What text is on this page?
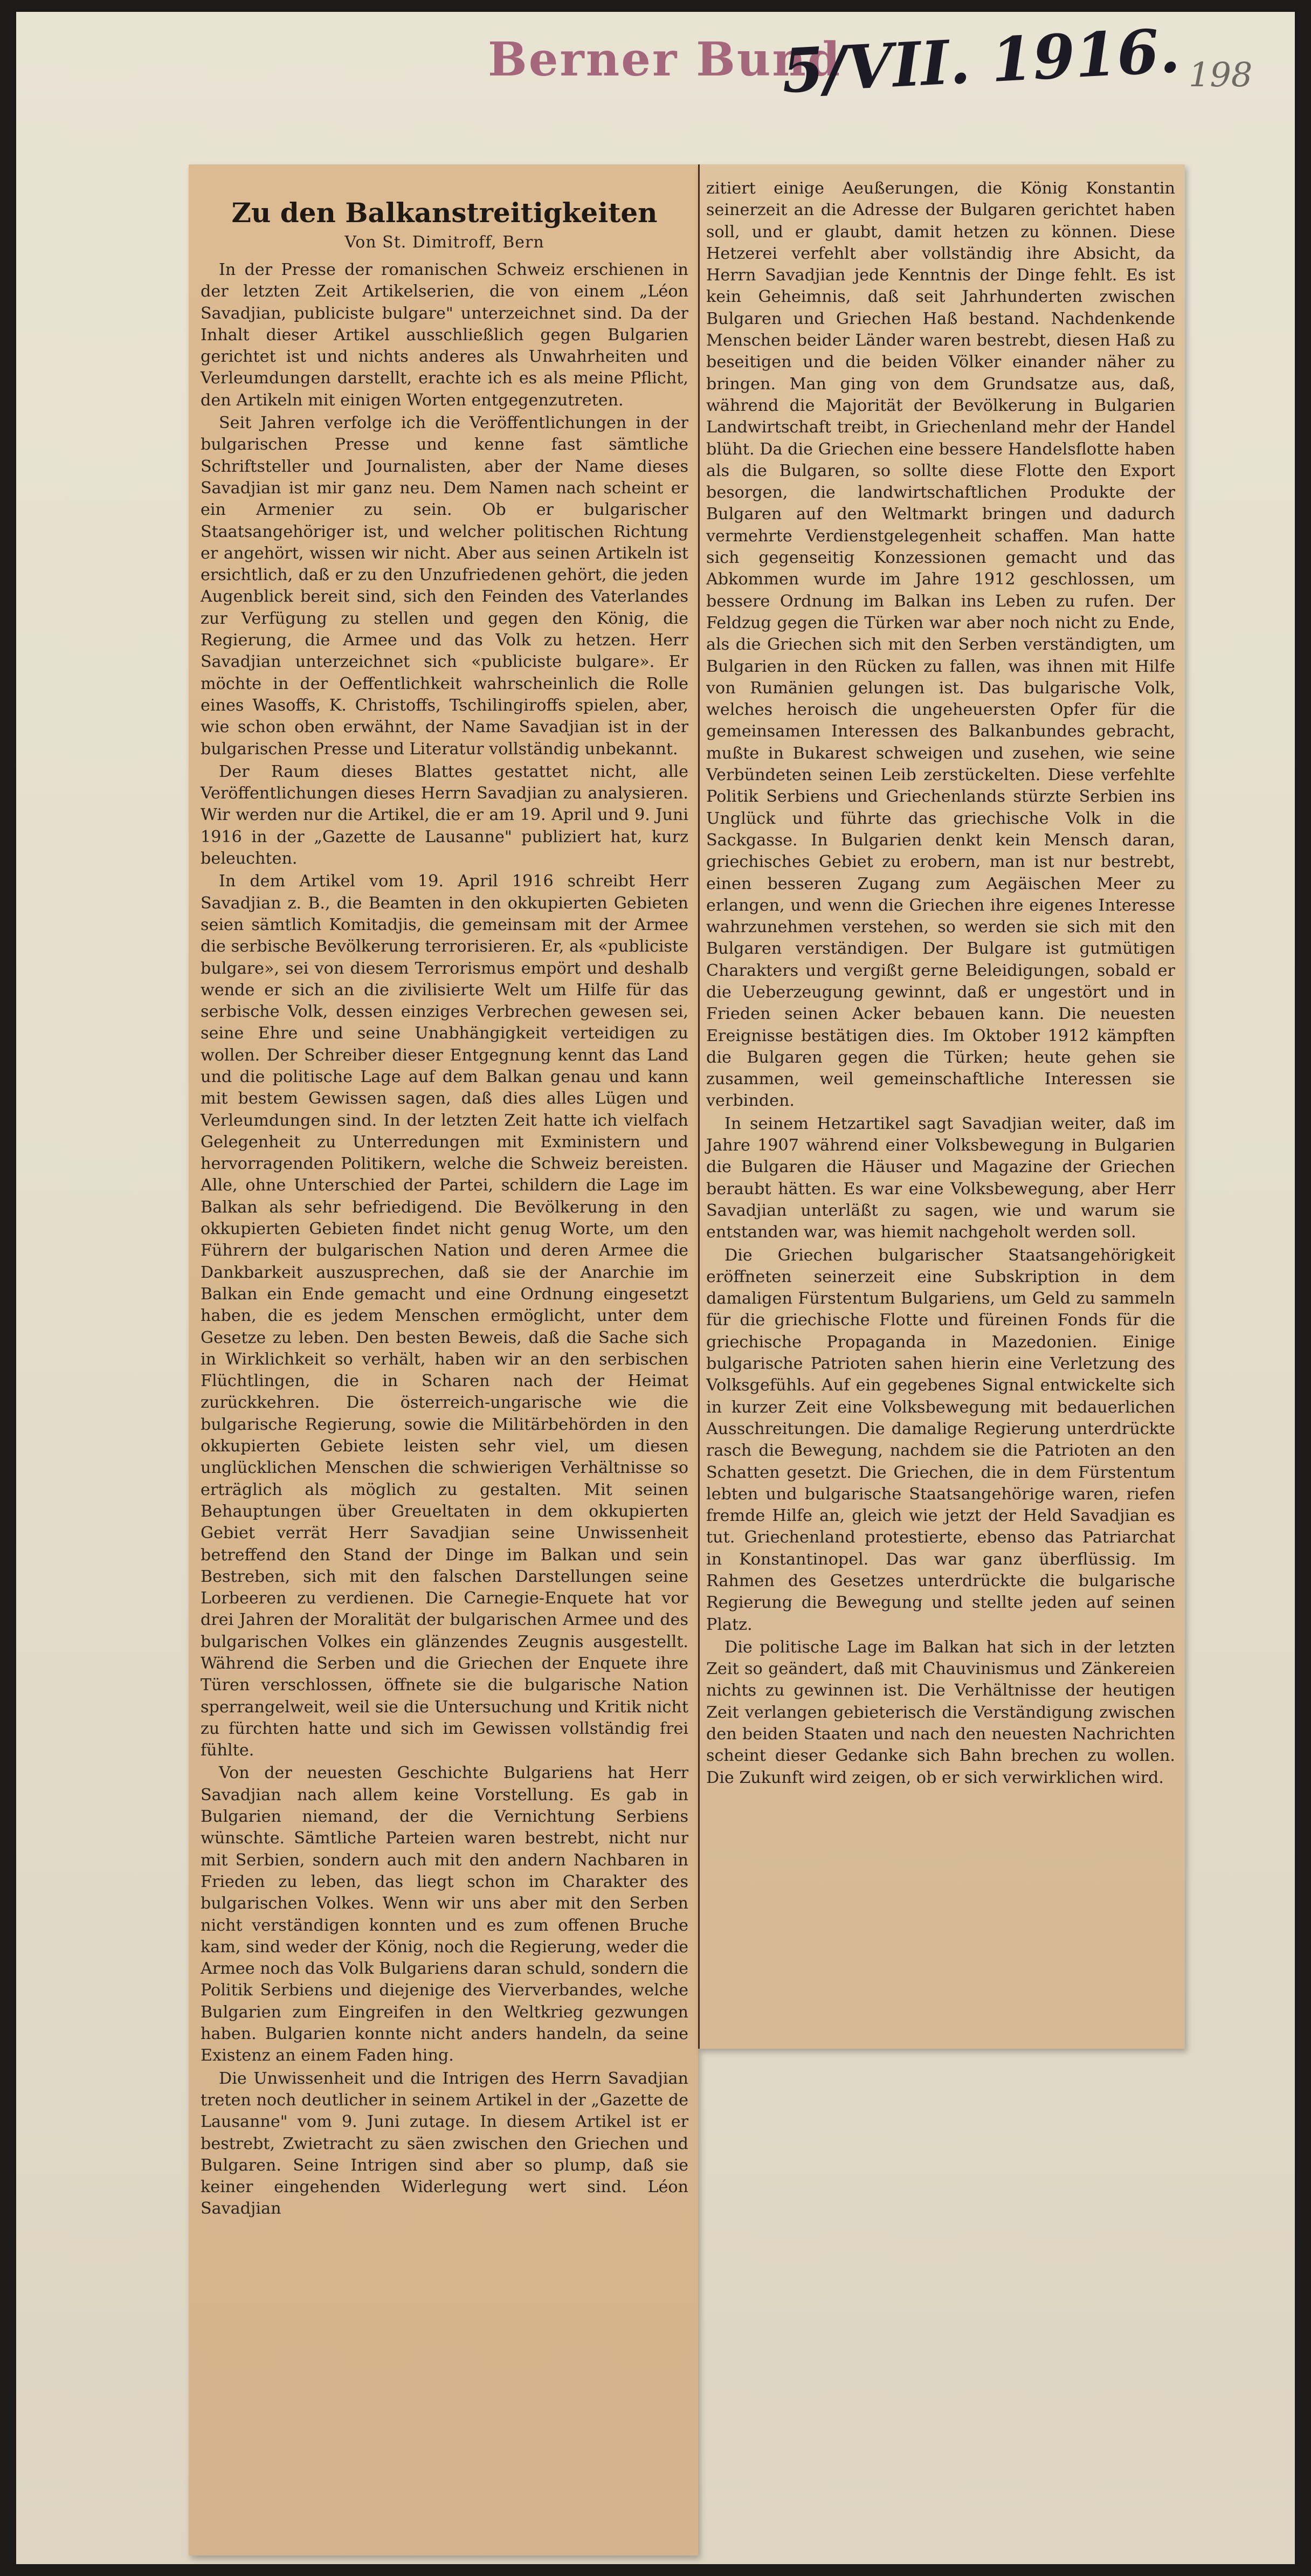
Berner Bund
5/VII. 1916. 198
Zu den Balkanstreitigkeiten
Von St. Dimitroff, Bern

In der Presse der romanischen Schweiz erschienen in der letzten Zeit Artikelserien, die von einem „Léon Savadjian, publiciste bulgare" unterzeichnet sind. Da der Inhalt dieser Artikel ausschließlich gegen Bulgarien gerichtet ist und nichts anderes als Unwahrheiten und Verleumdungen darstellt, erachte ich es als meine Pflicht, den Artikeln mit einigen Worten entgegenzutreten.

Seit Jahren verfolge ich die Veröffentlichungen in der bulgarischen Presse und kenne fast sämtliche Schriftsteller und Journalisten, aber der Name dieses Savadjian ist mir ganz neu. Dem Namen nach scheint er ein Armenier zu sein. Ob er bulgarischer Staatsangehöriger ist, und welcher politischen Richtung er angehört, wissen wir nicht. Aber aus seinen Artikeln ist ersichtlich, daß er zu den Unzufriedenen gehört, die jeden Augenblick bereit sind, sich den Feinden des Vaterlandes zur Verfügung zu stellen und gegen den König, die Regierung, die Armee und das Volk zu hetzen. Herr Savadjian unterzeichnet sich «publiciste bulgare». Er möchte in der Oeffentlichkeit wahrscheinlich die Rolle eines Wasoffs, K. Christoffs, Tschilingiroffs spielen, aber, wie schon oben erwähnt, der Name Savadjian ist in der bulgarischen Presse und Literatur vollständig unbekannt.

Der Raum dieses Blattes gestattet nicht, alle Veröffentlichungen dieses Herrn Savadjian zu analysieren. Wir werden nur die Artikel, die er am 19. April und 9. Juni 1916 in der „Gazette de Lausanne" publiziert hat, kurz beleuchten.

In dem Artikel vom 19. April 1916 schreibt Herr Savadjian z. B., die Beamten in den okkupierten Gebieten seien sämtlich Komitadjis, die gemeinsam mit der Armee die serbische Bevölkerung terrorisieren. Er, als «publiciste bulgare», sei von diesem Terrorismus empört und deshalb wende er sich an die zivilisierte Welt um Hilfe für das serbische Volk, dessen einziges Verbrechen gewesen sei, seine Ehre und seine Unabhängigkeit verteidigen zu wollen. Der Schreiber dieser Entgegnung kennt das Land und die politische Lage auf dem Balkan genau und kann mit bestem Gewissen sagen, daß dies alles Lügen und Verleumdungen sind. In der letzten Zeit hatte ich vielfach Gelegenheit zu Unterredungen mit Exministern und hervorragenden Politikern, welche die Schweiz bereisten. Alle, ohne Unterschied der Partei, schildern die Lage im Balkan als sehr befriedigend. Die Bevölkerung in den okkupierten Gebieten findet nicht genug Worte, um den Führern der bulgarischen Nation und deren Armee die Dankbarkeit auszusprechen, daß sie der Anarchie im Balkan ein Ende gemacht und eine Ordnung eingesetzt haben, die es jedem Menschen ermöglicht, unter dem Gesetze zu leben. Den besten Beweis, daß die Sache sich in Wirklichkeit so verhält, haben wir an den serbischen Flüchtlingen, die in Scharen nach der Heimat zurückkehren. Die österreich-ungarische wie die bulgarische Regierung, sowie die Militärbehörden in den okkupierten Gebiete leisten sehr viel, um diesen unglücklichen Menschen die schwierigen Verhältnisse so erträglich als möglich zu gestalten. Mit seinen Behauptungen über Greueltaten in dem okkupierten Gebiet verrät Herr Savadjian seine Unwissenheit betreffend den Stand der Dinge im Balkan und sein Bestreben, sich mit den falschen Darstellungen seine Lorbeeren zu verdienen. Die Carnegie-Enquete hat vor drei Jahren der Moralität der bulgarischen Armee und des bulgarischen Volkes ein glänzendes Zeugnis ausgestellt. Während die Serben und die Griechen der Enquete ihre Türen verschlossen, öffnete sie die bulgarische Nation sperrangelweit, weil sie die Untersuchung und Kritik nicht zu fürchten hatte und sich im Gewissen vollständig frei fühlte.

Von der neuesten Geschichte Bulgariens hat Herr Savadjian nach allem keine Vorstellung. Es gab in Bulgarien niemand, der die Vernichtung Serbiens wünschte. Sämtliche Parteien waren bestrebt, nicht nur mit Serbien, sondern auch mit den andern Nachbaren in Frieden zu leben, das liegt schon im Charakter des bulgarischen Volkes. Wenn wir uns aber mit den Serben nicht verständigen konnten und es zum offenen Bruche kam, sind weder der König, noch die Regierung, weder die Armee noch das Volk Bulgariens daran schuld, sondern die Politik Serbiens und diejenige des Vierverbandes, welche Bulgarien zum Eingreifen in den Weltkrieg gezwungen haben. Bulgarien konnte nicht anders handeln, da seine Existenz an einem Faden hing.

Die Unwissenheit und die Intrigen des Herrn Savadjian treten noch deutlicher in seinem Artikel in der „Gazette de Lausanne" vom 9. Juni zutage. In diesem Artikel ist er bestrebt, Zwietracht zu säen zwischen den Griechen und Bulgaren. Seine Intrigen sind aber so plump, daß sie keiner eingehenden Widerlegung wert sind. Léon Savadjian

zitiert einige Aeußerungen, die König Konstantin seinerzeit an die Adresse der Bulgaren gerichtet haben soll, und er glaubt, damit hetzen zu können. Diese Hetzerei verfehlt aber vollständig ihre Absicht, da Herrn Savadjian jede Kenntnis der Dinge fehlt. Es ist kein Geheimnis, daß seit Jahrhunderten zwischen Bulgaren und Griechen Haß bestand. Nachdenkende Menschen beider Länder waren bestrebt, diesen Haß zu beseitigen und die beiden Völker einander näher zu bringen. Man ging von dem Grundsatze aus, daß, während die Majorität der Bevölkerung in Bulgarien Landwirtschaft treibt, in Griechenland mehr der Handel blüht. Da die Griechen eine bessere Handelsflotte haben als die Bulgaren, so sollte diese Flotte den Export besorgen, die landwirtschaftlichen Produkte der Bulgaren auf den Weltmarkt bringen und dadurch vermehrte Verdienstgelegenheit schaffen. Man hatte sich gegenseitig Konzessionen gemacht und das Abkommen wurde im Jahre 1912 geschlossen, um bessere Ordnung im Balkan ins Leben zu rufen. Der Feldzug gegen die Türken war aber noch nicht zu Ende, als die Griechen sich mit den Serben verständigten, um Bulgarien in den Rücken zu fallen, was ihnen mit Hilfe von Rumänien gelungen ist. Das bulgarische Volk, welches heroisch die ungeheuersten Opfer für die gemeinsamen Interessen des Balkanbundes gebracht, mußte in Bukarest schweigen und zusehen, wie seine Verbündeten seinen Leib zerstückelten. Diese verfehlte Politik Serbiens und Griechenlands stürzte Serbien ins Unglück und führte das griechische Volk in die Sackgasse. In Bulgarien denkt kein Mensch daran, griechisches Gebiet zu erobern, man ist nur bestrebt, einen besseren Zugang zum Aegäischen Meer zu erlangen, und wenn die Griechen ihre eigenes Interesse wahrzunehmen verstehen, so werden sie sich mit den Bulgaren verständigen. Der Bulgare ist gutmütigen Charakters und vergißt gerne Beleidigungen, sobald er die Ueberzeugung gewinnt, daß er ungestört und in Frieden seinen Acker bebauen kann. Die neuesten Ereignisse bestätigen dies. Im Oktober 1912 kämpften die Bulgaren gegen die Türken; heute gehen sie zusammen, weil gemeinschaftliche Interessen sie verbinden.

In seinem Hetzartikel sagt Savadjian weiter, daß im Jahre 1907 während einer Volksbewegung in Bulgarien die Bulgaren die Häuser und Magazine der Griechen beraubt hätten. Es war eine Volksbewegung, aber Herr Savadjian unterläßt zu sagen, wie und warum sie entstanden war, was hiemit nachgeholt werden soll.

Die Griechen bulgarischer Staatsangehörigkeit eröffneten seinerzeit eine Subskription in dem damaligen Fürstentum Bulgariens, um Geld zu sammeln für die griechische Flotte und füreinen Fonds für die griechische Propaganda in Mazedonien. Einige bulgarische Patrioten sahen hierin eine Verletzung des Volksgefühls. Auf ein gegebenes Signal entwickelte sich in kurzer Zeit eine Volksbewegung mit bedauerlichen Ausschreitungen. Die damalige Regierung unterdrückte rasch die Bewegung, nachdem sie die Patrioten an den Schatten gesetzt. Die Griechen, die in dem Fürstentum lebten und bulgarische Staatsangehörige waren, riefen fremde Hilfe an, gleich wie jetzt der Held Savadjian es tut. Griechenland protestierte, ebenso das Patriarchat in Konstantinopel. Das war ganz überflüssig. Im Rahmen des Gesetzes unterdrückte die bulgarische Regierung die Bewegung und stellte jeden auf seinen Platz.

Die politische Lage im Balkan hat sich in der letzten Zeit so geändert, daß mit Chauvinismus und Zänkereien nichts zu gewinnen ist. Die Verhältnisse der heutigen Zeit verlangen gebieterisch die Verständigung zwischen den beiden Staaten und nach den neuesten Nachrichten scheint dieser Gedanke sich Bahn brechen zu wollen. Die Zukunft wird zeigen, ob er sich verwirklichen wird.
